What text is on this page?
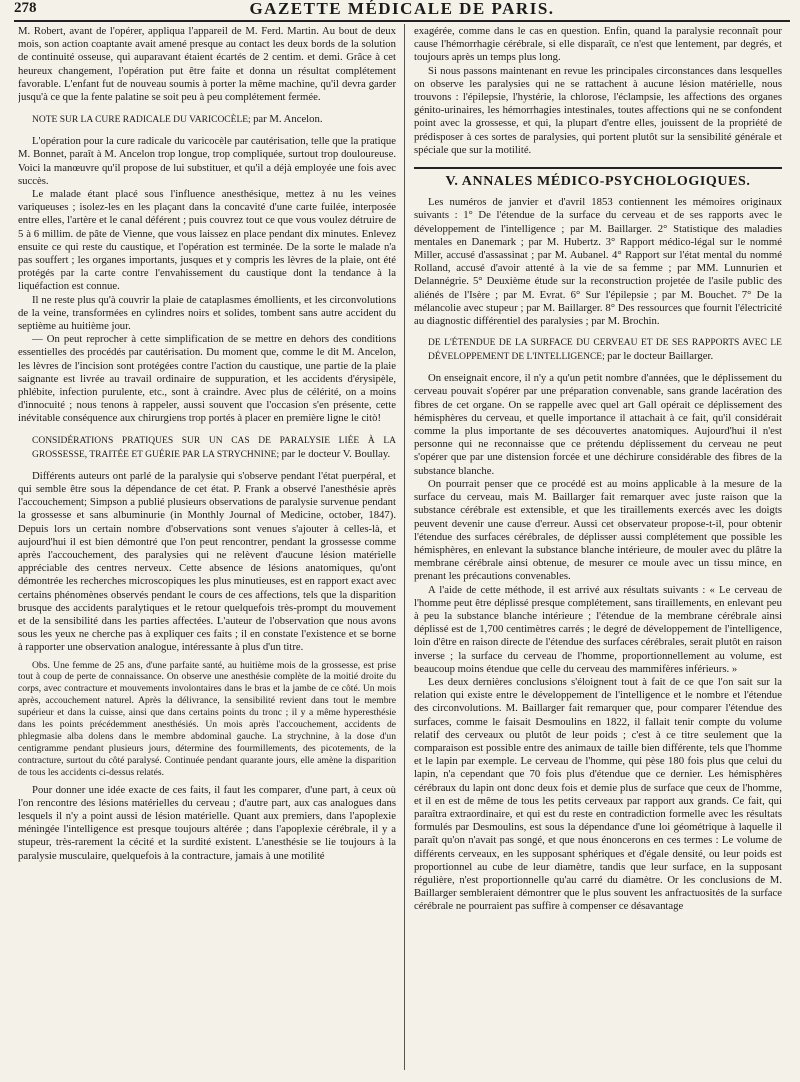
278	GAZETTE MÉDICALE DE PARIS.

M. Robert, avant de l'opérer, appliqua l'appareil de M. Ferd. Martin. Au bout de deux mois, son action coaptante avait amené presque au contact les deux bords de la solution de continuité osseuse, qui auparavant étaient écartés de 2 centim. et demi. Grâce à cet heureux changement, l'opération put être faite et donna un résultat complétement favorable. L'enfant fut de nouveau soumis à porter la même machine, qu'il devra garder jusqu'à ce que la fente palatine se soit peu à peu complétement fermée.

NOTE SUR LA CURE RADICALE DU VARICOCÈLE; par M. Ancelon.

L'opération pour la cure radicale du varicocèle par cautérisation, telle que la pratique M. Bonnet, paraît à M. Ancelon trop longue, trop compliquée, surtout trop douloureuse. Voici la manœuvre qu'il propose de lui substituer, et qu'il a déjà employée une fois avec succès.

Le malade étant placé sous l'influence anesthésique, mettez à nu les veines variqueuses ; isolez-les en les plaçant dans la concavité d'une carte fuilée, interposée entre elles, l'artère et le canal déférent ; puis couvrez tout ce que vous voulez détruire de 5 à 6 millim. de pâte de Vienne, que vous laissez en place pendant dix minutes. Enlevez ensuite ce qui reste du caustique, et l'opération est terminée. De la sorte le malade n'a pas souffert ; les organes importants, jusques et y compris les lèvres de la plaie, ont été protégés par la carte contre l'envahissement du caustique dont la tendance à la liquéfaction est connue.

Il ne reste plus qu'à couvrir la plaie de cataplasmes émollients, et les circonvolutions de la veine, transformées en cylindres noirs et solides, tombent sans autre accident du septième au huitième jour.

— On peut reprocher à cette simplification de se mettre en dehors des conditions essentielles des procédés par cautérisation. Du moment que, comme le dit M. Ancelon, les lèvres de l'incision sont protégées contre l'action du caustique, une partie de la plaie saignante est livrée au travail ordinaire de suppuration, et les accidents d'érysipèle, phlébite, infection purulente, etc., sont à craindre. Avec plus de célérité, on a moins d'innocuité ; nous tenons à rappeler, aussi souvent que l'occasion s'en présente, cette inévitable conséquence aux chirurgiens trop portés à placer en première ligne le citò!

CONSIDÉRATIONS PRATIQUES SUR UN CAS DE PARALYSIE LIÉE À LA GROSSESSE, TRAITÉE ET GUÉRIE PAR LA STRYCHNINE; par le docteur V. Boullay.

Différents auteurs ont parlé de la paralysie qui s'observe pendant l'état puerpéral, et qui semble être sous la dépendance de cet état. P. Frank a observé l'anesthésie après l'accouchement; Simpson a publié plusieurs observations de paralysie survenue pendant la grossesse et sans albuminurie (in Monthly Journal of Medicine, october, 1847). Depuis lors un certain nombre d'observations sont venues s'ajouter à celles-là, et aujourd'hui il est bien démontré que l'on peut rencontrer, pendant la grossesse comme après l'accouchement, des paralysies qui ne relèvent d'aucune lésion matérielle appréciable des centres nerveux. Cette absence de lésions anatomiques, qu'ont démontrée les recherches microscopiques les plus minutieuses, est en rapport exact avec certains phénomènes observés pendant le cours de ces affections, tels que la disparition brusque des accidents paralytiques et le retour quelquefois très-prompt du mouvement et de la sensibilité dans les parties affectées. L'auteur de l'observation que nous avons sous les yeux ne cherche pas à expliquer ces faits ; il en constate l'existence et se borne à rapporter une observation analogue, intéressante à plus d'un titre.

Obs. Une femme de 25 ans, d'une parfaite santé, au huitième mois de la grossesse, est prise tout à coup de perte de connaissance. On observe une anesthésie complète de la moitié droite du corps, avec contracture et mouvements involontaires dans le bras et la jambe de ce côté. Un mois après, accouchement naturel. Après la délivrance, la sensibilité revient dans tout le membre supérieur et dans la cuisse, ainsi que dans certains points du tronc ; il y a même hyperesthésie dans les points précédemment anesthésiés. Un mois après l'accouchement, accidents de phlegmasie alba dolens dans le membre abdominal gauche. La strychnine, à la dose d'un centigramme pendant plusieurs jours, détermine des fourmillements, des picotements, de la contracture, surtout du côté paralysé. Continuée pendant quarante jours, elle amène la disparition de tous les accidents ci-dessus relatés.

Pour donner une idée exacte de ces faits, il faut les comparer, d'une part, à ceux où l'on rencontre des lésions matérielles du cerveau ; d'autre part, aux cas analogues dans lesquels il n'y a point aussi de lésion matérielle. Quant aux premiers, dans l'apoplexie méningée l'intelligence est presque toujours altérée ; dans l'apoplexie cérébrale, il y a stupeur, très-rarement la cécité et la surdité existent. L'anesthésie se lie toujours à la paralysie musculaire, quelquefois à la contracture, jamais à une motilité

exagérée, comme dans le cas en question. Enfin, quand la paralysie reconnaît pour cause l'hémorrhagie cérébrale, si elle disparaît, ce n'est que lentement, par degrés, et toujours après un temps plus long.

Si nous passons maintenant en revue les principales circonstances dans lesquelles on observe les paralysies qui ne se rattachent à aucune lésion matérielle, nous trouvons : l'épilepsie, l'hystérie, la chlorose, l'éclampsie, les affections des organes génito-urinaires, les hémorrhagies intestinales, toutes affections qui ne se confondent point avec la grossesse, et qui, la plupart d'entre elles, jouissent de la propriété de prédisposer à ces sortes de paralysies, qui portent plutôt sur la sensibilité générale et spéciale que sur la motilité.

V. ANNALES MÉDICO-PSYCHOLOGIQUES.

Les numéros de janvier et d'avril 1853 contiennent les mémoires originaux suivants : 1° De l'étendue de la surface du cerveau et de ses rapports avec le développement de l'intelligence ; par M. Baillarger. 2° Statistique des maladies mentales en Danemark ; par M. Hubertz. 3° Rapport médico-légal sur le nommé Miller, accusé d'assassinat ; par M. Aubanel. 4° Rapport sur l'état mental du nommé Rolland, accusé d'avoir attenté à la vie de sa femme ; par MM. Lunnurien et Delannégrie. 5° Deuxième étude sur la reconstruction projetée de l'asile public des aliénés de l'Isère ; par M. Evrat. 6° Sur l'épilepsie ; par M. Bouchet. 7° De la mélancolie avec stupeur ; par M. Baillarger. 8° Des ressources que fournit l'électricité au diagnostic différentiel des paralysies ; par M. Brochin.

DE L'ÉTENDUE DE LA SURFACE DU CERVEAU ET DE SES RAPPORTS AVEC LE DÉVELOPPEMENT DE L'INTELLIGENCE; par le docteur Baillarger.

On enseignait encore, il n'y a qu'un petit nombre d'années, que le déplissement du cerveau pouvait s'opérer par une préparation convenable, sans grande lacération des fibres de cet organe. On se rappelle avec quel art Gall opérait ce déplissement des hémisphères du cerveau, et quelle importance il attachait à ce fait, qu'il considérait comme la plus importante de ses découvertes anatomiques. Aujourd'hui il n'est personne qui ne reconnaisse que ce prétendu déplissement du cerveau ne peut s'opérer que par une distension forcée et une déchirure considérable des fibres de la substance blanche.

On pourrait penser que ce procédé est au moins applicable à la mesure de la surface du cerveau, mais M. Baillarger fait remarquer avec juste raison que la substance cérébrale est extensible, et que les tiraillements exercés avec les doigts peuvent devenir une cause d'erreur. Aussi cet observateur propose-t-il, pour obtenir l'étendue des surfaces cérébrales, de déplisser aussi complétement que possible les hémisphères, en enlevant la substance blanche intérieure, de mouler avec du plâtre la membrane cérébrale ainsi obtenue, de mesurer ce moule avec un tissu mince, en prenant les précautions convenables.

A l'aide de cette méthode, il est arrivé aux résultats suivants : « Le cerveau de l'homme peut être déplissé presque complétement, sans tiraillements, en enlevant peu à peu la substance blanche intérieure ; l'étendue de la membrane cérébrale ainsi déplissé est de 1,700 centimètres carrés ; le degré de développement de l'intelligence, loin d'être en raison directe de l'étendue des surfaces cérébrales, serait plutôt en raison inverse ; la surface du cerveau de l'homme, proportionnellement au volume, est beaucoup moins étendue que celle du cerveau des mammifères inférieurs. »

Les deux dernières conclusions s'éloignent tout à fait de ce que l'on sait sur la relation qui existe entre le développement de l'intelligence et le nombre et l'étendue des circonvolutions. M. Baillarger fait remarquer que, pour comparer l'étendue des surfaces, comme le faisait Desmoulins en 1822, il fallait tenir compte du volume relatif des cerveaux ou plutôt de leur poids ; c'est à ce titre seulement que la comparaison est possible entre des animaux de taille bien différente, tels que l'homme et le lapin par exemple. Le cerveau de l'homme, qui pèse 180 fois plus que celui du lapin, n'a cependant que 70 fois plus d'étendue que ce dernier. Les hémisphères cérébraux du lapin ont donc deux fois et demie plus de surface que ceux de l'homme, et il en est de même de tous les petits cerveaux par rapport aux grands. Ce fait, qui paraîtra extraordinaire, et qui est du reste en contradiction formelle avec les résultats formulés par Desmoulins, est sous la dépendance d'une loi géométrique à laquelle il paraît qu'on n'avait pas songé, et que nous énoncerons en ces termes : Le volume de différents cerveaux, en les supposant sphériques et d'égale densité, ou leur poids est proportionnel au cube de leur diamètre, tandis que leur surface, en la supposant régulière, n'est proportionnelle qu'au carré du diamètre. Or les conclusions de M. Baillarger sembleraient démontrer que le plus souvent les anfractuosités de la surface cérébrale ne pourraient pas suffire à compenser ce désavantage
